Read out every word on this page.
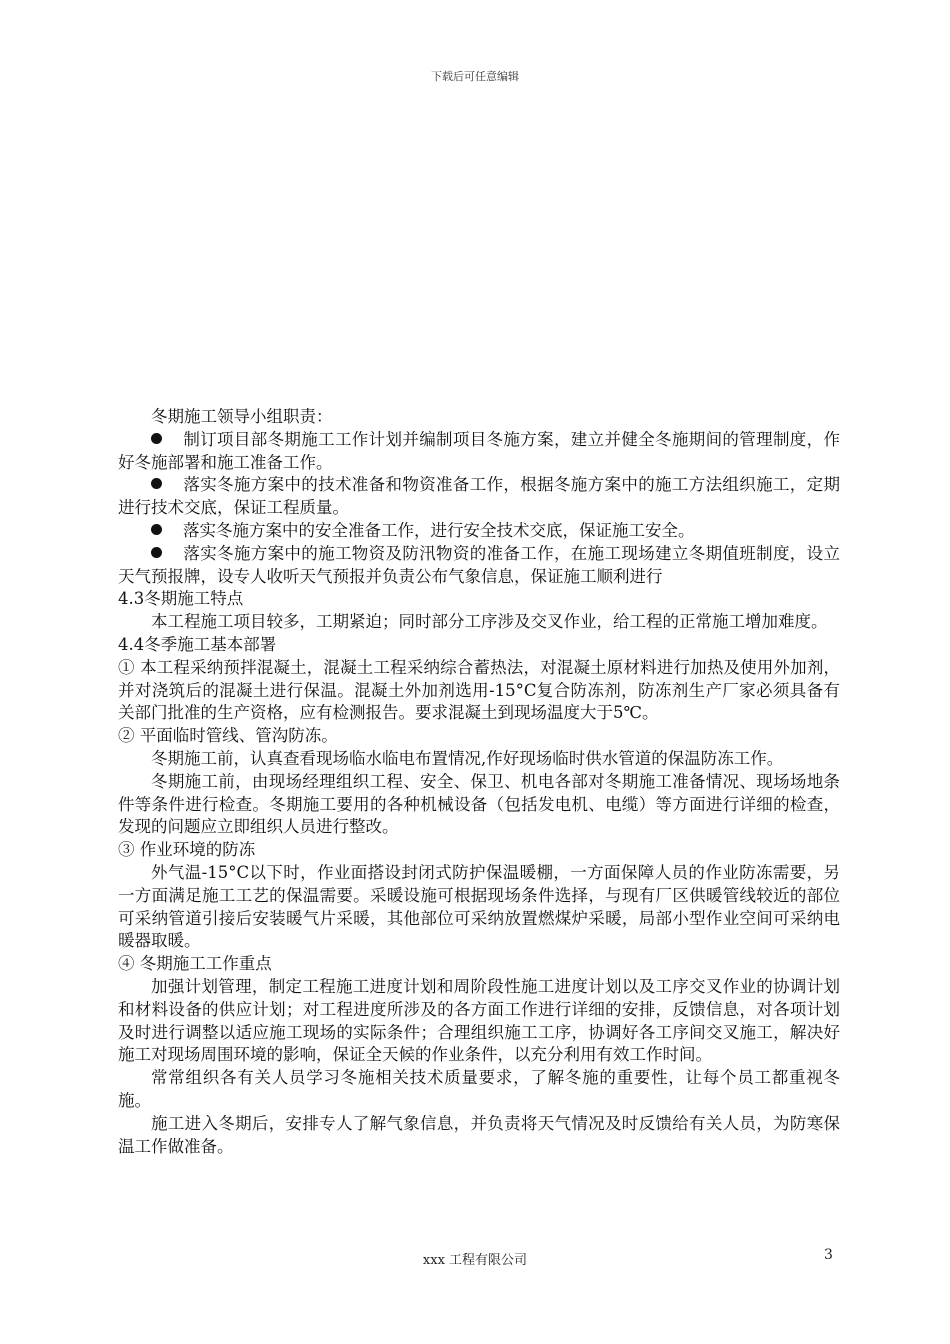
下载后可任意编辑

冬期施工领导小组职责：

制订项目部冬期施工工作计划并编制项目冬施方案，建立并健全冬施期间的管理制度，作好冬施部署和施工准备工作。

落实冬施方案中的技术准备和物资准备工作，根据冬施方案中的施工方法组织施工，定期进行技术交底，保证工程质量。

落实冬施方案中的安全准备工作，进行安全技术交底，保证施工安全。

落实冬施方案中的施工物资及防汛物资的准备工作，在施工现场建立冬期值班制度，设立天气预报牌，设专人收听天气预报并负责公布气象信息，保证施工顺利进行

4.3冬期施工特点

本工程施工项目较多，工期紧迫；同时部分工序涉及交叉作业，给工程的正常施工增加难度。

4.4冬季施工基本部署

① 本工程采纳预拌混凝土，混凝土工程采纳综合蓄热法，对混凝土原材料进行加热及使用外加剂，并对浇筑后的混凝土进行保温。混凝土外加剂选用-15°C复合防冻剂，防冻剂生产厂家必须具备有关部门批准的生产资格，应有检测报告。要求混凝土到现场温度大于5℃。

② 平面临时管线、管沟防冻。

冬期施工前，认真查看现场临水临电布置情况,作好现场临时供水管道的保温防冻工作。

冬期施工前，由现场经理组织工程、安全、保卫、机电各部对冬期施工准备情况、现场场地条件等条件进行检查。冬期施工要用的各种机械设备（包括发电机、电缆）等方面进行详细的检查，发现的问题应立即组织人员进行整改。

③ 作业环境的防冻

外气温-15°C以下时，作业面搭设封闭式防护保温暖棚，一方面保障人员的作业防冻需要，另一方面满足施工工艺的保温需要。采暖设施可根据现场条件选择，与现有厂区供暖管线较近的部位可采纳管道引接后安装暖气片采暖，其他部位可采纳放置燃煤炉采暖，局部小型作业空间可采纳电暖器取暖。

④ 冬期施工工作重点

加强计划管理，制定工程施工进度计划和周阶段性施工进度计划以及工序交叉作业的协调计划和材料设备的供应计划；对工程进度所涉及的各方面工作进行详细的安排，反馈信息，对各项计划及时进行调整以适应施工现场的实际条件；合理组织施工工序，协调好各工序间交叉施工，解决好施工对现场周围环境的影响，保证全天候的作业条件，以充分利用有效工作时间。

常常组织各有关人员学习冬施相关技术质量要求，了解冬施的重要性，让每个员工都重视冬施。

施工进入冬期后，安排专人了解气象信息，并负责将天气情况及时反馈给有关人员，为防寒保温工作做准备。

xxx 工程有限公司	3
